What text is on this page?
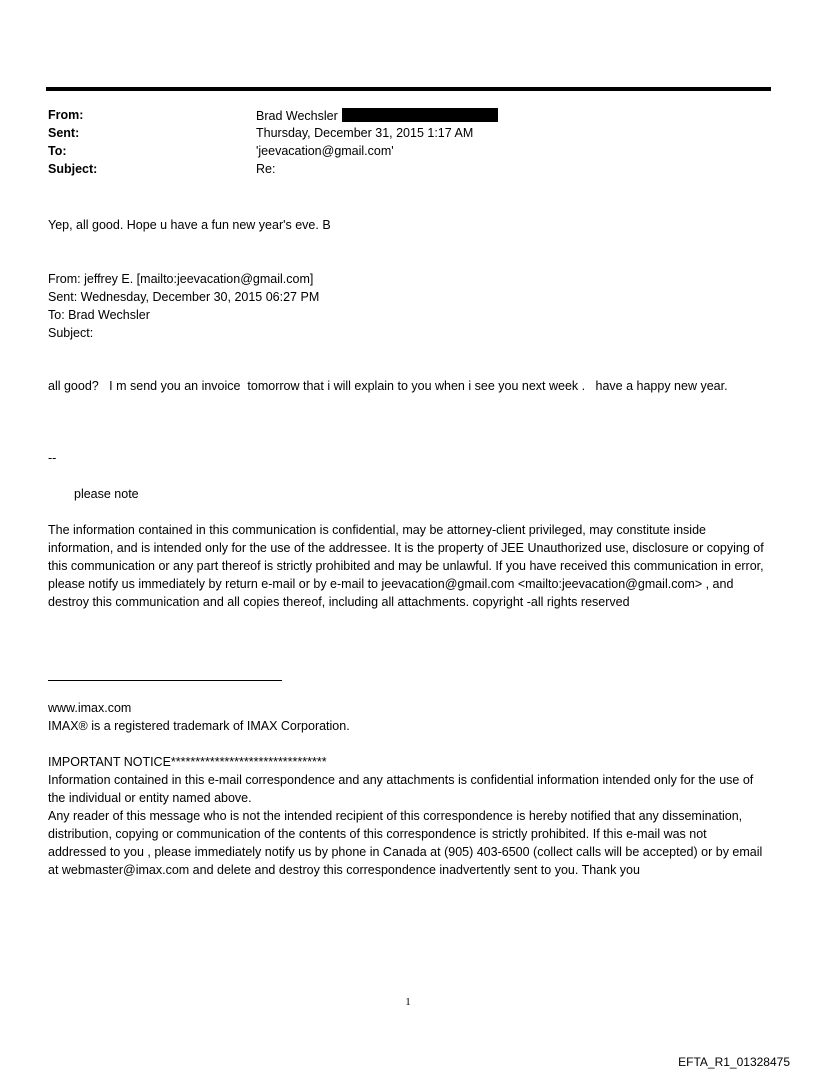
From:	Brad Wechsler
Sent:	Thursday, December 31, 2015 1:17 AM
To:	'jeevacation@gmail.com'
Subject:	Re:
Yep, all good. Hope u have a fun new year's eve. B
From: jeffrey E. [mailto:jeevacation@gmail.com]
Sent: Wednesday, December 30, 2015 06:27 PM
To: Brad Wechsler
Subject:
all good?   I m send you an invoice  tomorrow that i will explain to you when i see you next week .   have a happy new year.
--
please note
The information contained in this communication is confidential, may be attorney-client privileged, may constitute inside information, and is intended only for the use of the addressee. It is the property of JEE Unauthorized use, disclosure or copying of this communication or any part thereof is strictly prohibited and may be unlawful. If you have received this communication in error, please notify us immediately by return e-mail or by e-mail to jeevacation@gmail.com <mailto:jeevacation@gmail.com> , and destroy this communication and all copies thereof, including all attachments. copyright -all rights reserved
www.imax.com
IMAX® is a registered trademark of IMAX Corporation.
IMPORTANT NOTICE********************************
Information contained in this e-mail correspondence and any attachments is confidential information intended only for the use of the individual or entity named above.
Any reader of this message who is not the intended recipient of this correspondence is hereby notified that any dissemination, distribution, copying or communication of the contents of this correspondence is strictly prohibited. If this e-mail was not addressed to you , please immediately notify us by phone in Canada at (905) 403-6500 (collect calls will be accepted) or by email at webmaster@imax.com and delete and destroy this correspondence inadvertently sent to you. Thank you
1
EFTA_R1_01328475
